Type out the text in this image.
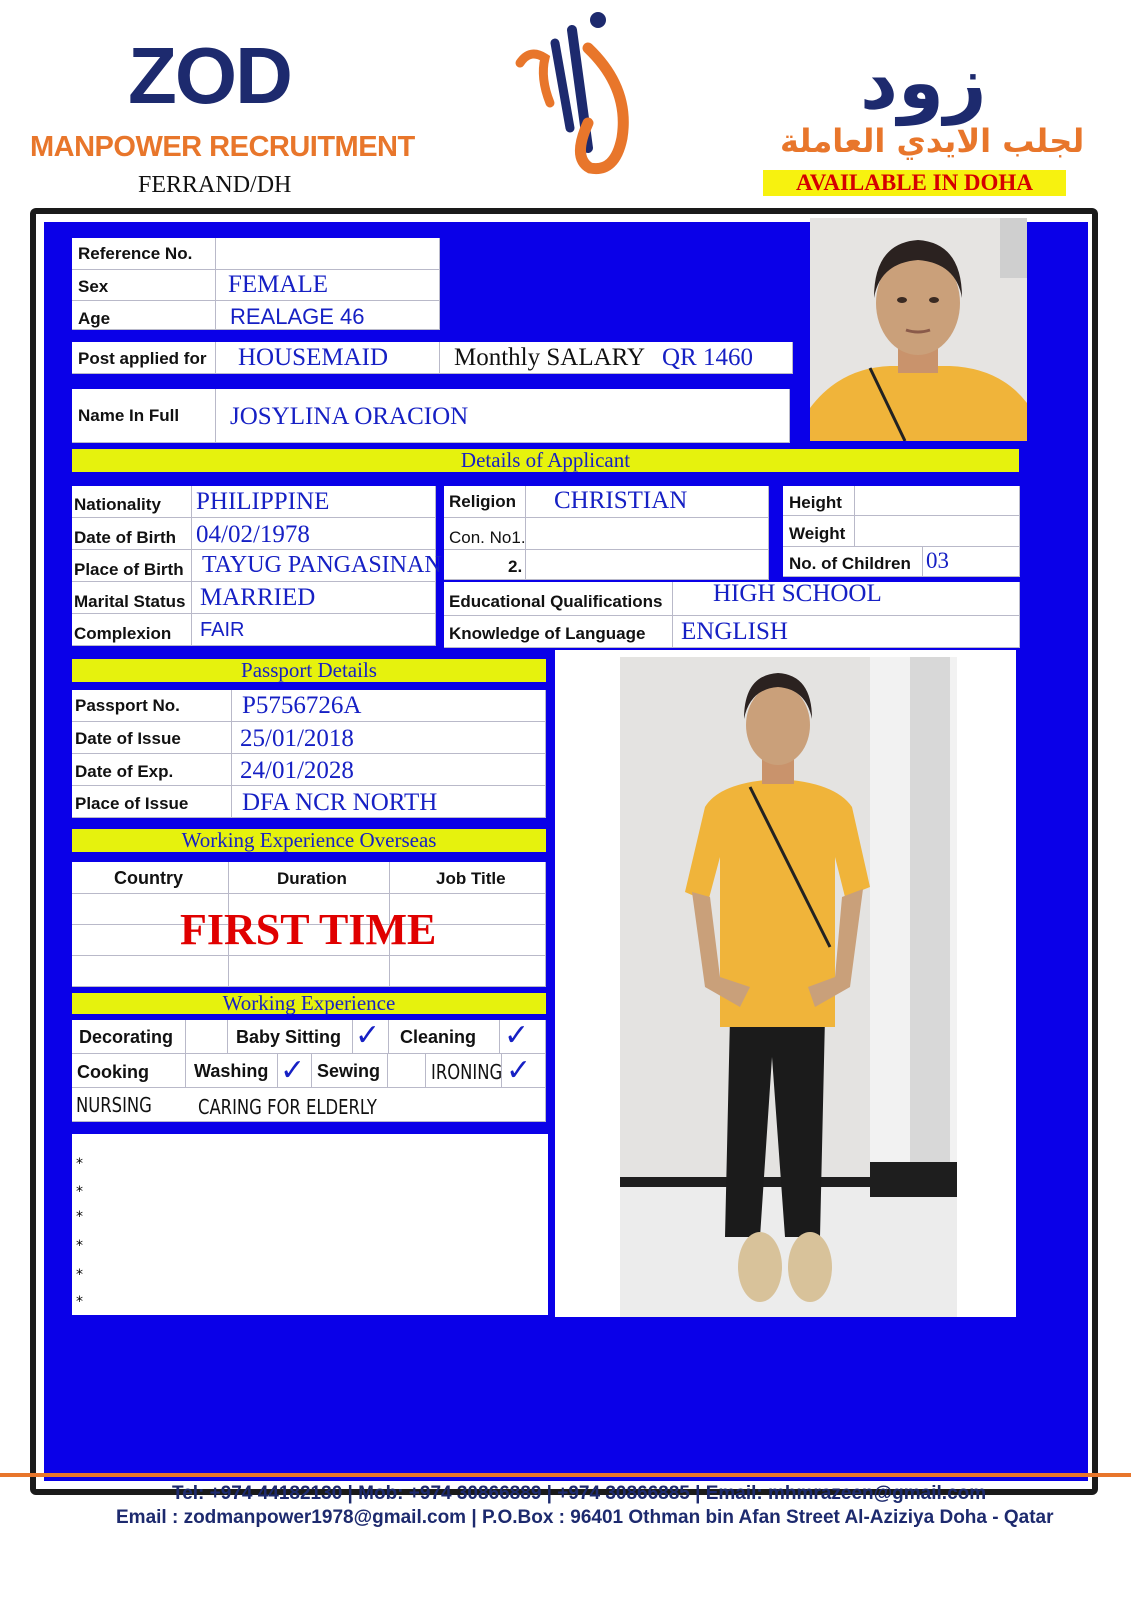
ZOD
MANPOWER RECRUITMENT
FERRAND/DH
زود
لجلب الايدي العاملة
AVAILABLE IN DOHA
Reference No.
Sex	FEMALE
Age	REALAGE 46
Post applied for HOUSEMAID	Monthly SALARY QR 1460
Name In Full JOSYLINA ORACION
Details of Applicant
Nationality PHILIPPINE
Date of Birth 04/02/1978
Place of Birth TAYUG PANGASINAN
Marital Status MARRIED
Complexion FAIR
Religion CHRISTIAN
Con. No1.
2.
Height
Weight
No. of Children 03
Educational Qualifications HIGH SCHOOL
Knowledge of Language ENGLISH
Passport Details
Passport No. P5756726A
Date of Issue 25/01/2018
Date of Exp.	24/01/2028
Place of Issue DFA NCR NORTH
Working Experience Overseas
Country	Duration	Job Title
FIRST TIME
Working Experience
Decorating	Baby Sitting ✓ Cleaning ✓
Cooking	Washing ✓ Sewing	IRONING ✓
NURSING CARING FOR ELDERLY
*
*
*
*
*
*
Tel: +974 44182130 | Mob: +974 30866889 | +974 30866885 | Email: mhmrazeen@gmail.com
Email : zodmanpower1978@gmail.com | P.O.Box : 96401 Othman bin Afan Street Al-Aziziya Doha - Qatar
